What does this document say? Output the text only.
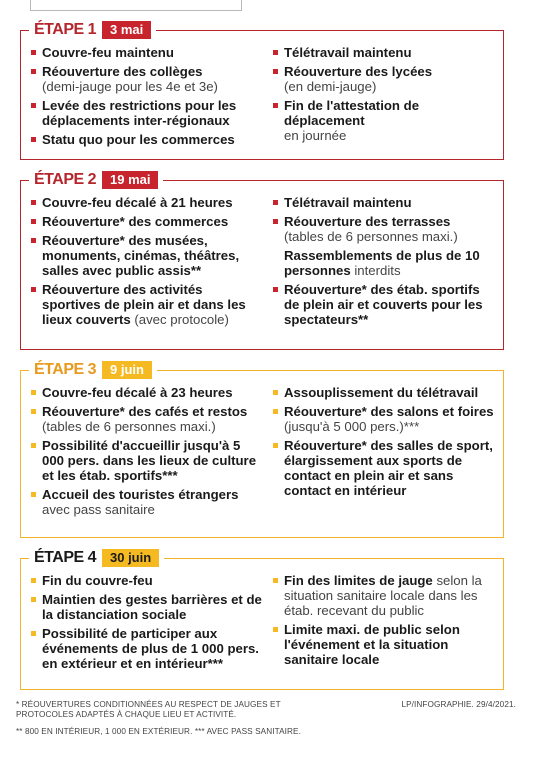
ÉTAPE 1	3 mai
Couvre-feu maintenu
Réouverture des collèges
(demi-jauge pour les 4e et 3e)
Levée des restrictions pour les déplacements inter-régionaux
Statu quo pour les commerces
Télétravail maintenu
Réouverture des lycées
(en demi-jauge)
Fin de l'attestation de déplacement
en journée
ÉTAPE 2	19 mai
Couvre-feu décalé à 21 heures
Réouverture* des commerces
Réouverture* des musées, monuments, cinémas, théâtres, salles avec public assis**
Réouverture des activités sportives de plein air et dans les lieux couverts (avec protocole)
Télétravail maintenu
Réouverture des terrasses
(tables de 6 personnes maxi.)
Rassemblements de plus de 10 personnes interdits
Réouverture* des étab. sportifs de plein air et couverts pour les spectateurs**
ÉTAPE 3	9 juin
Couvre-feu décalé à 23 heures
Réouverture* des cafés et restos
(tables de 6 personnes maxi.)
Possibilité d'accueillir jusqu'à 5 000 pers. dans les lieux de culture et les étab. sportifs***
Accueil des touristes étrangers
avec pass sanitaire
Assouplissement du télétravail
Réouverture* des salons et foires
(jusqu'à 5 000 pers.)***
Réouverture* des salles de sport, élargissement aux sports de contact en plein air et sans contact en intérieur
ÉTAPE 4	30 juin
Fin du couvre-feu
Maintien des gestes barrières et de la distanciation sociale
Possibilité de participer aux événements de plus de 1 000 pers. en extérieur et en intérieur***
Fin des limites de jauge selon la situation sanitaire locale dans les étab. recevant du public
Limite maxi. de public selon l'événement et la situation sanitaire locale
* RÉOUVERTURES CONDITIONNÉES AU RESPECT DE JAUGES ET PROTOCOLES ADAPTÉS À CHAQUE LIEU ET ACTIVITÉ.
LP/INFOGRAPHIE. 29/4/2021.
** 800 EN INTÉRIEUR, 1 000 EN EXTÉRIEUR. *** AVEC PASS SANITAIRE.
